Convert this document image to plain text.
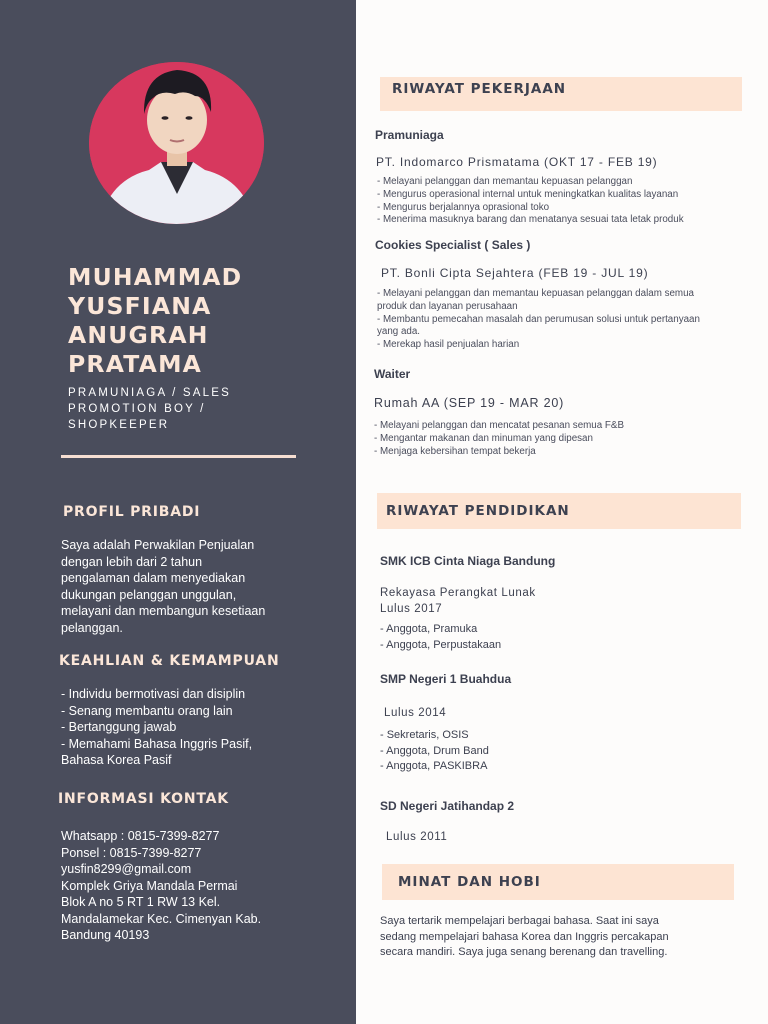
MUHAMMAD
YUSFIANA
ANUGRAH
PRATAMA
PRAMUNIAGA / SALES
PROMOTION BOY /
SHOPKEEPER
PROFIL PRIBADI
Saya adalah Perwakilan Penjualan
dengan lebih dari 2 tahun
pengalaman dalam menyediakan
dukungan pelanggan unggulan,
melayani dan membangun kesetiaan
pelanggan.
KEAHLIAN & KEMAMPUAN
- Individu bermotivasi dan disiplin
- Senang membantu orang lain
- Bertanggung jawab
- Memahami Bahasa Inggris Pasif,
Bahasa Korea Pasif
INFORMASI KONTAK
Whatsapp : 0815-7399-8277
Ponsel : 0815-7399-8277
yusfin8299@gmail.com
Komplek Griya Mandala Permai
Blok A no 5 RT 1 RW 13 Kel.
Mandalamekar Kec. Cimenyan Kab.
Bandung 40193
RIWAYAT PEKERJAAN
Pramuniaga
PT. Indomarco Prismatama (OKT 17 - FEB 19)
- Melayani pelanggan dan memantau kepuasan pelanggan
- Mengurus operasional internal untuk meningkatkan kualitas layanan
- Mengurus berjalannya oprasional toko
- Menerima masuknya barang dan menatanya sesuai tata letak produk
Cookies Specialist ( Sales )
PT. Bonli Cipta Sejahtera (FEB 19 - JUL 19)
- Melayani pelanggan dan memantau kepuasan pelanggan dalam semua
produk dan layanan perusahaan
- Membantu pemecahan masalah dan perumusan solusi untuk pertanyaan
yang ada.
- Merekap hasil penjualan harian
Waiter
Rumah AA (SEP 19 - MAR 20)
- Melayani pelanggan dan mencatat pesanan semua F&B
- Mengantar makanan dan minuman yang dipesan
- Menjaga kebersihan tempat bekerja
RIWAYAT PENDIDIKAN
SMK ICB Cinta Niaga Bandung
Rekayasa Perangkat Lunak
Lulus 2017
- Anggota, Pramuka
- Anggota, Perpustakaan
SMP Negeri 1 Buahdua
Lulus 2014
- Sekretaris, OSIS
- Anggota, Drum Band
- Anggota, PASKIBRA
SD Negeri Jatihandap 2
Lulus 2011
MINAT DAN HOBI
Saya tertarik mempelajari berbagai bahasa. Saat ini saya
sedang mempelajari bahasa Korea dan Inggris percakapan
secara mandiri. Saya juga senang berenang dan travelling.
